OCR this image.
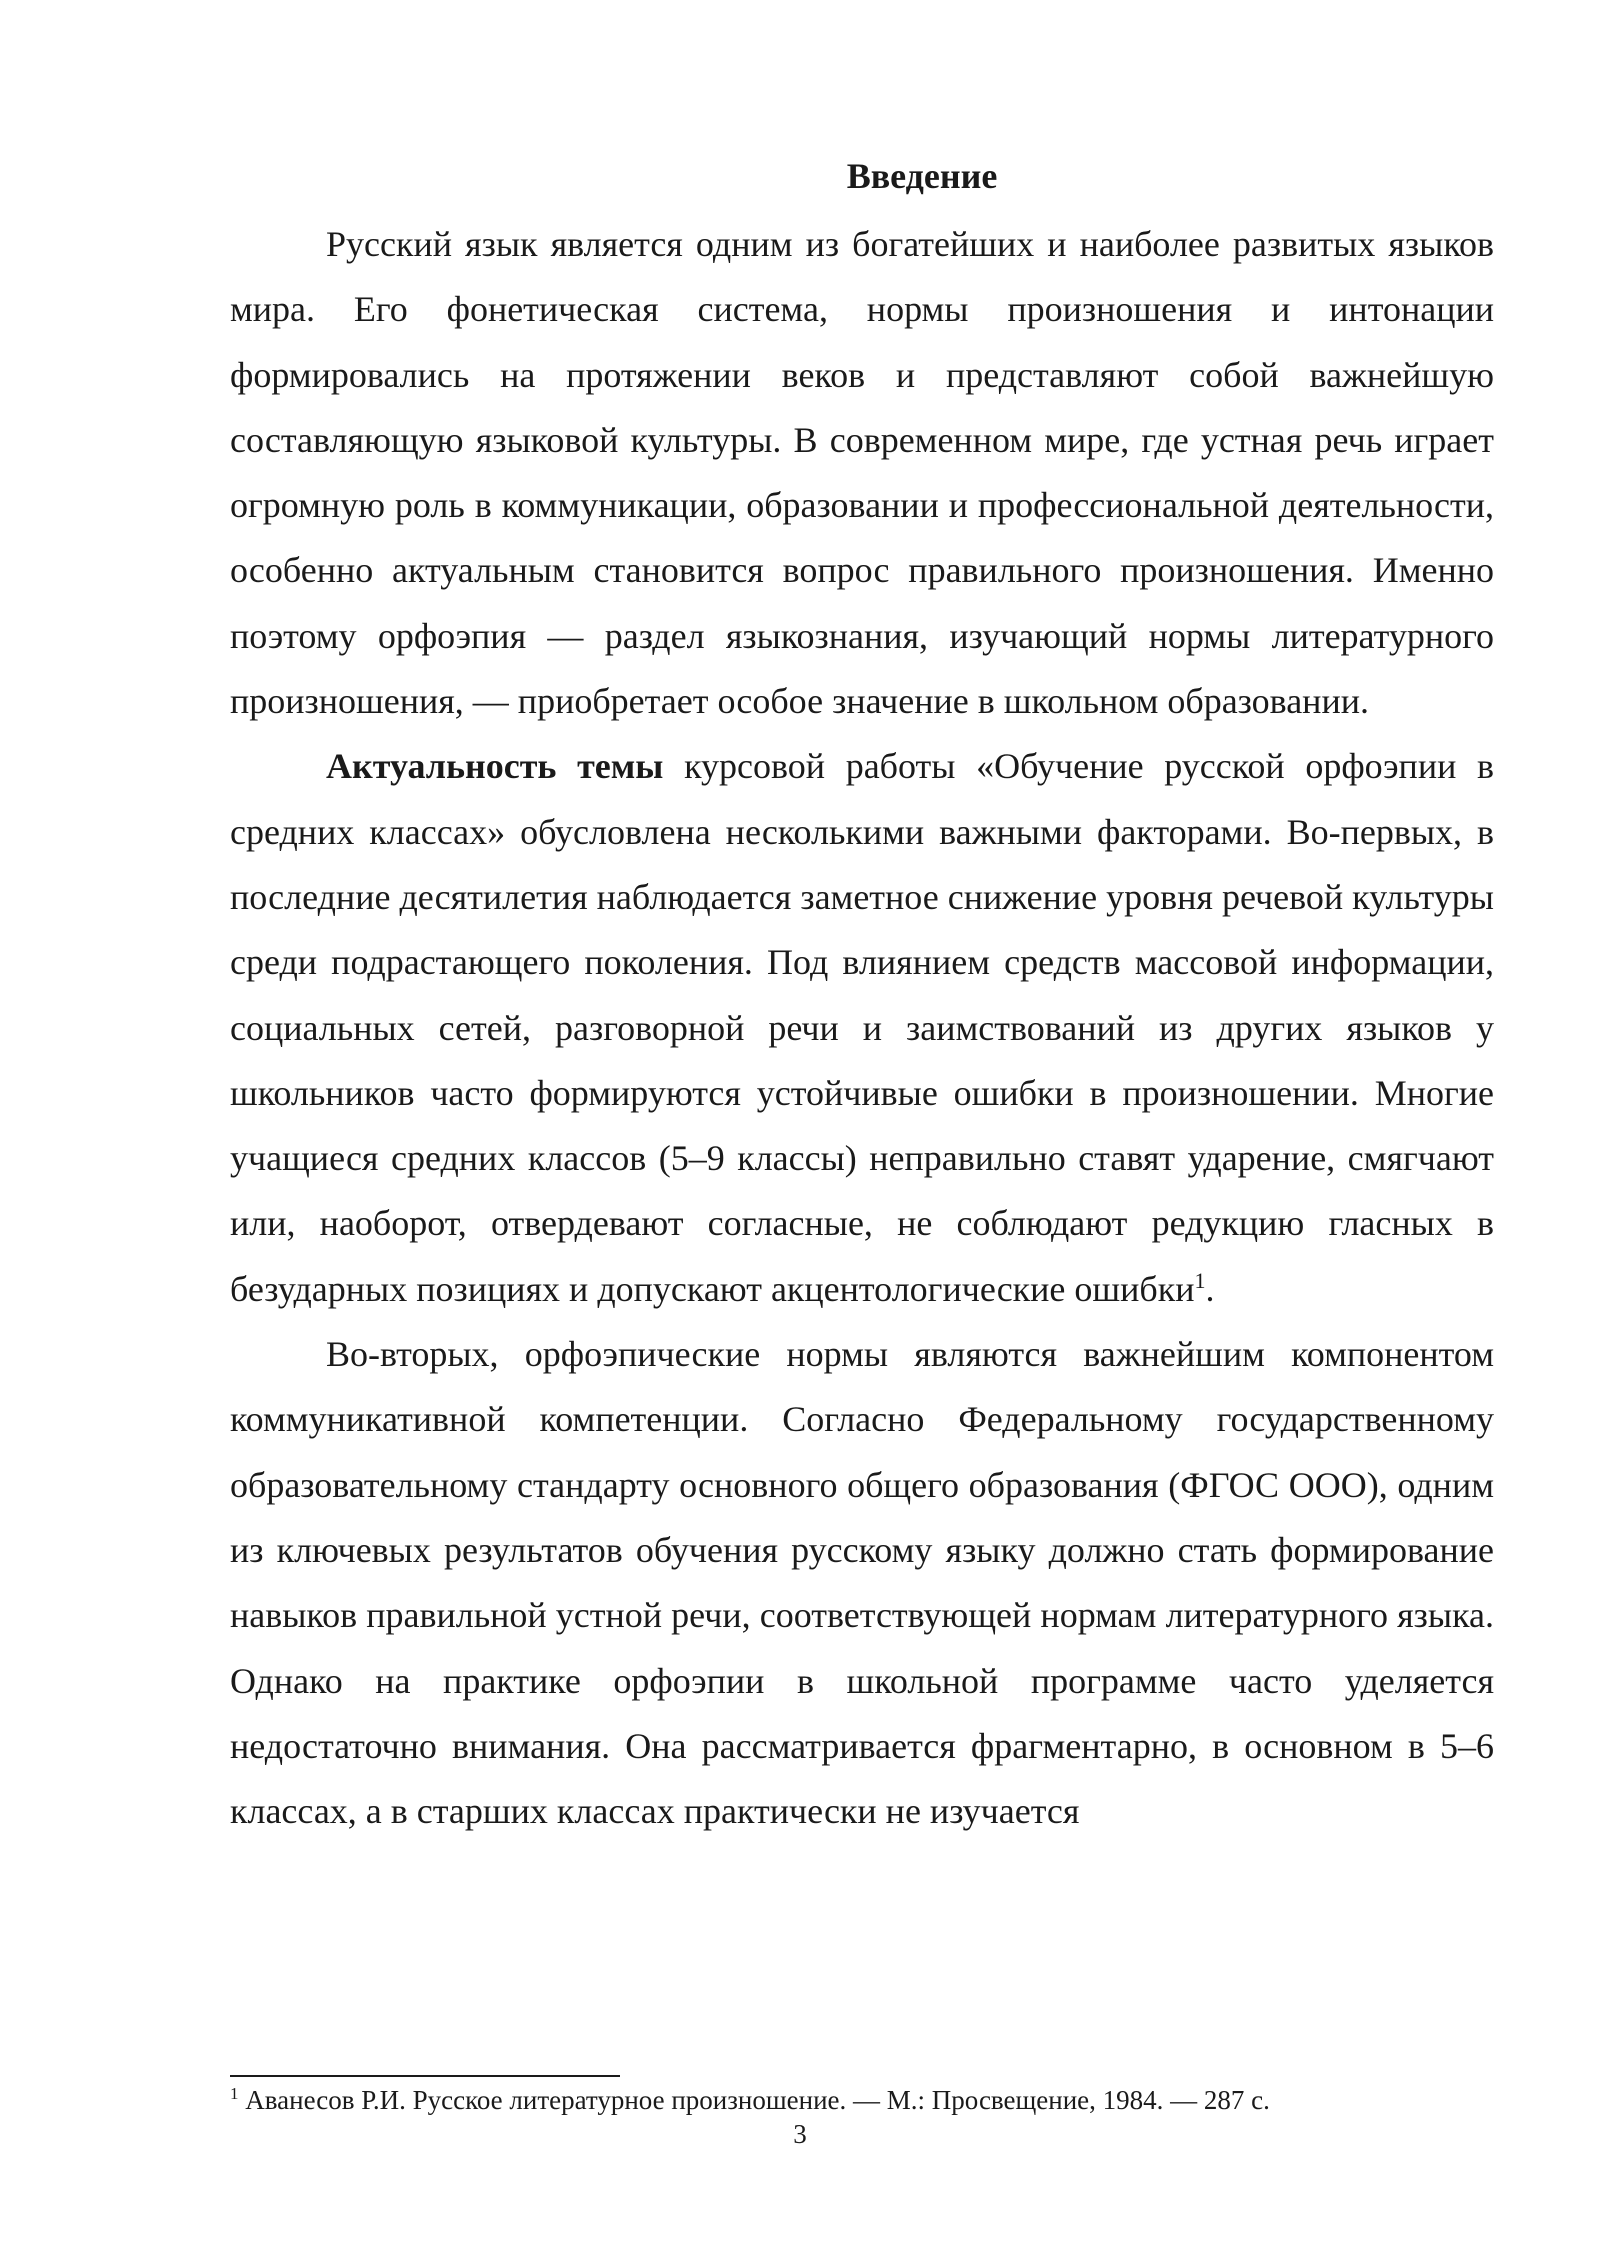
Введение

Русский язык является одним из богатейших и наиболее развитых языков мира. Его фонетическая система, нормы произношения и интонации формировались на протяжении веков и представляют собой важнейшую составляющую языковой культуры. В современном мире, где устная речь играет огромную роль в коммуникации, образовании и профессиональной деятельности, особенно актуальным становится вопрос правильного произношения. Именно поэтому орфоэпия — раздел языкознания, изучающий нормы литературного произношения, — приобретает особое значение в школьном образовании.

Актуальность темы курсовой работы «Обучение русской орфоэпии в средних классах» обусловлена несколькими важными факторами. Во-первых, в последние десятилетия наблюдается заметное снижение уровня речевой культуры среди подрастающего поколения. Под влиянием средств массовой информации, социальных сетей, разговорной речи и заимствований из других языков у школьников часто формируются устойчивые ошибки в произношении. Многие учащиеся средних классов (5–9 классы) неправильно ставят ударение, смягчают или, наоборот, отвердевают согласные, не соблюдают редукцию гласных в безударных позициях и допускают акцентологические ошибки$^1$.

Во-вторых, орфоэпические нормы являются важнейшим компонентом коммуникативной компетенции. Согласно Федеральному государственному образовательному стандарту основного общего образования (ФГОС ООО), одним из ключевых результатов обучения русскому языку должно стать формирование навыков правильной устной речи, соответствующей нормам литературного языка. Однако на практике орфоэпии в школьной программе часто уделяется недостаточно внимания. Она рассматривается фрагментарно, в основном в 5–6 классах, а в старших классах практически не изучается

$^1$ Аванесов Р.И. Русское литературное произношение. — М.: Просвещение, 1984. — 287 с.

3
